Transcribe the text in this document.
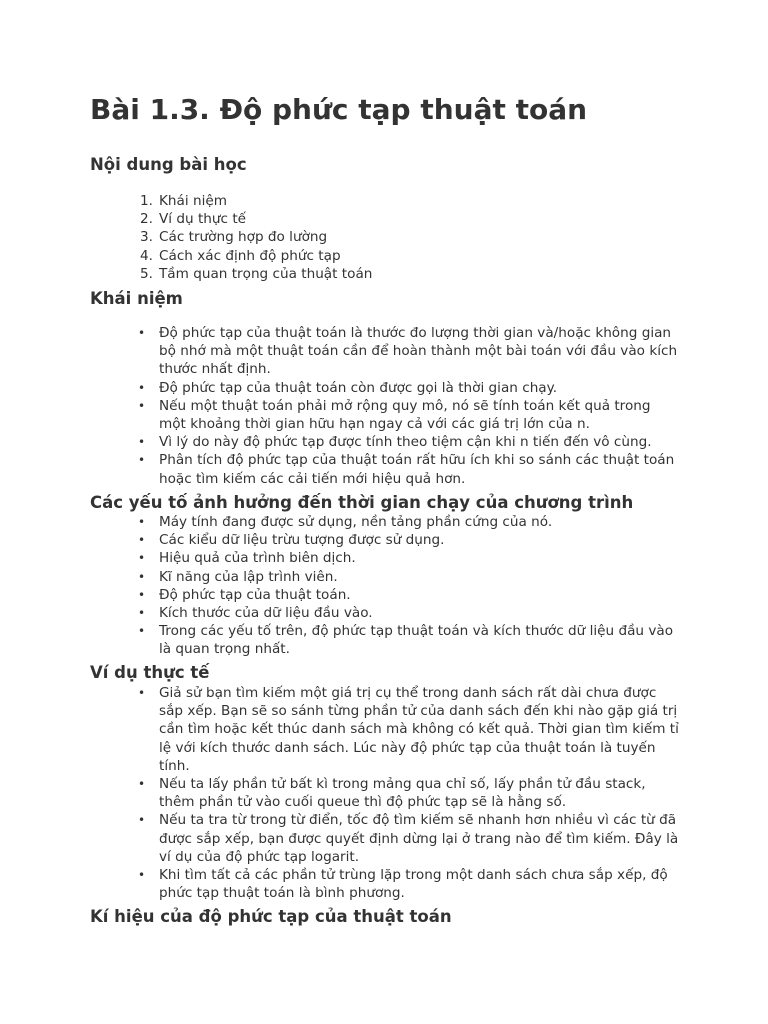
Bài 1.3. Độ phức tạp thuật toán
Nội dung bài học
1. Khái niệm
2. Ví dụ thực tế
3. Các trường hợp đo lường
4. Cách xác định độ phức tạp
5. Tầm quan trọng của thuật toán
Khái niệm
• Độ phức tạp của thuật toán là thước đo lượng thời gian và/hoặc không gian bộ nhớ mà một thuật toán cần để hoàn thành một bài toán với đầu vào kích thước nhất định.
• Độ phức tạp của thuật toán còn được gọi là thời gian chạy.
• Nếu một thuật toán phải mở rộng quy mô, nó sẽ tính toán kết quả trong một khoảng thời gian hữu hạn ngay cả với các giá trị lớn của n.
• Vì lý do này độ phức tạp được tính theo tiệm cận khi n tiến đến vô cùng.
• Phân tích độ phức tạp của thuật toán rất hữu ích khi so sánh các thuật toán hoặc tìm kiếm các cải tiến mới hiệu quả hơn.
Các yếu tố ảnh hưởng đến thời gian chạy của chương trình
• Máy tính đang được sử dụng, nền tảng phần cứng của nó.
• Các kiểu dữ liệu trừu tượng được sử dụng.
• Hiệu quả của trình biên dịch.
• Kĩ năng của lập trình viên.
• Độ phức tạp của thuật toán.
• Kích thước của dữ liệu đầu vào.
• Trong các yếu tố trên, độ phức tạp thuật toán và kích thước dữ liệu đầu vào là quan trọng nhất.
Ví dụ thực tế
• Giả sử bạn tìm kiếm một giá trị cụ thể trong danh sách rất dài chưa được sắp xếp. Bạn sẽ so sánh từng phần tử của danh sách đến khi nào gặp giá trị cần tìm hoặc kết thúc danh sách mà không có kết quả. Thời gian tìm kiếm tỉ lệ với kích thước danh sách. Lúc này độ phức tạp của thuật toán là tuyến tính.
• Nếu ta lấy phần tử bất kì trong mảng qua chỉ số, lấy phần tử đầu stack, thêm phần tử vào cuối queue thì độ phức tạp sẽ là hằng số.
• Nếu ta tra từ trong từ điển, tốc độ tìm kiếm sẽ nhanh hơn nhiều vì các từ đã được sắp xếp, bạn được quyết định dừng lại ở trang nào để tìm kiếm. Đây là ví dụ của độ phức tạp logarit.
• Khi tìm tất cả các phần tử trùng lặp trong một danh sách chưa sắp xếp, độ phức tạp thuật toán là bình phương.
Kí hiệu của độ phức tạp của thuật toán
